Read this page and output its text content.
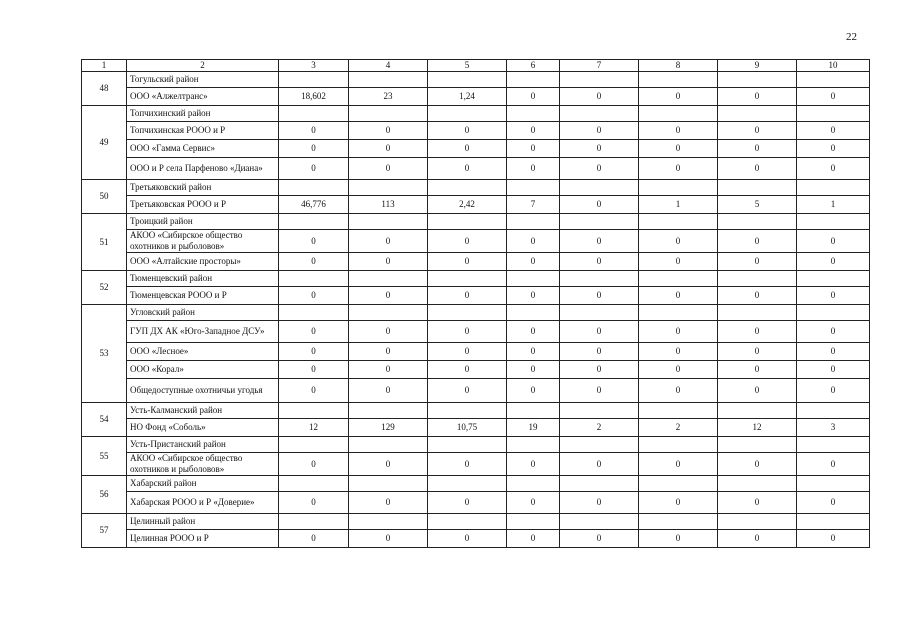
22
1	2	3	4	5	6	7	8	9	10
48	Тогульский район								
	ООО «Алжелтранс»	18,602	23	1,24	0	0	0	0	0
49	Топчихинский район								
	Топчихинская РООО и Р	0	0	0	0	0	0	0	0
	ООО «Гамма Сервис»	0	0	0	0	0	0	0	0
	ООО и Р села Парфеново «Диана»	0	0	0	0	0	0	0	0
50	Третьяковский район								
	Третьяковская РООО и Р	46,776	113	2,42	7	0	1	5	1
51	Троицкий район								
	АКОО «Сибирское общество охотников и рыболовов»	0	0	0	0	0	0	0	0
	ООО «Алтайские просторы»	0	0	0	0	0	0	0	0
52	Тюменцевский район								
	Тюменцевская РООО и Р	0	0	0	0	0	0	0	0
53	Угловский район								
	ГУП ДХ АК «Юго-Западное ДСУ»	0	0	0	0	0	0	0	0
	ООО «Лесное»	0	0	0	0	0	0	0	0
	ООО «Корал»	0	0	0	0	0	0	0	0
	Общедоступные охотничьи угодья	0	0	0	0	0	0	0	0
54	Усть-Калманский район								
	НО Фонд «Соболь»	12	129	10,75	19	2	2	12	3
55	Усть-Пристанский район								
	АКОО «Сибирское общество охотников и рыболовов»	0	0	0	0	0	0	0	0
56	Хабарский район								
	Хабарская РООО и Р «Доверие»	0	0	0	0	0	0	0	0
57	Целинный район								
	Целинная РООО и Р	0	0	0	0	0	0	0	0
